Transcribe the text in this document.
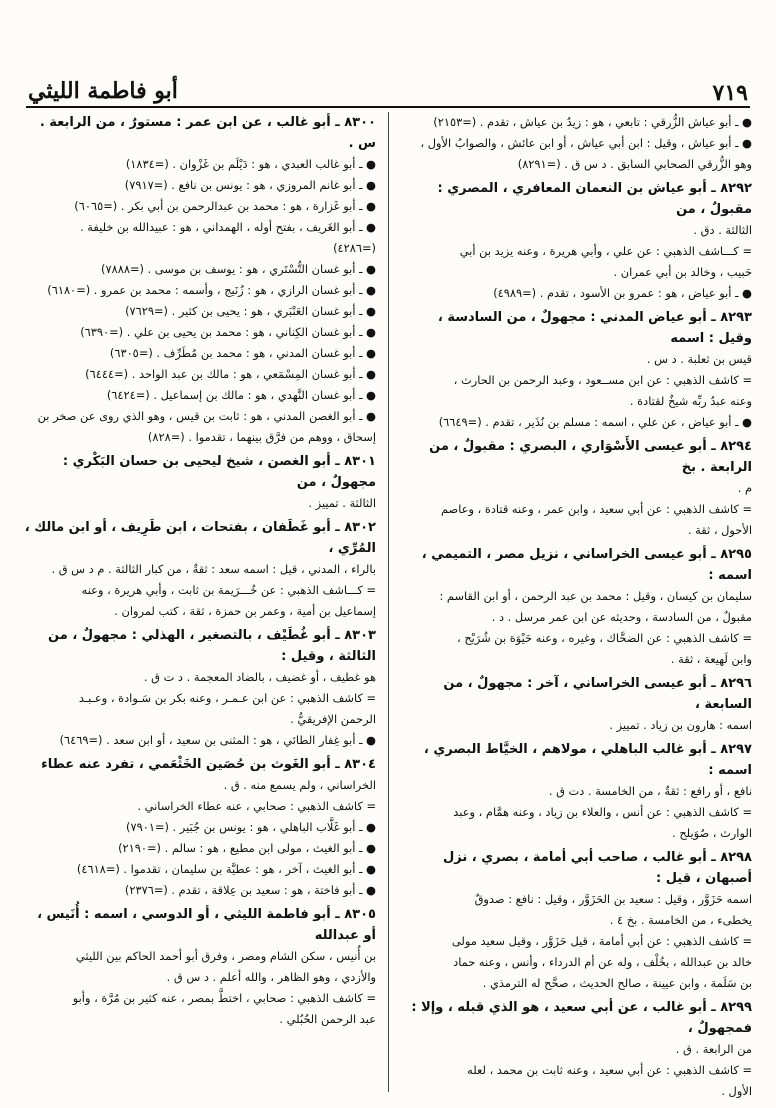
٧١٩
أبو فاطمة الليثي

● ـ أبو عياش الزُّرقي : تابعي ، هو : زيدُ بن عياش ، تقدم . (=٢١٥٣)

● ـ أبو عياش ، وقيل : ابن أبي عياش ، أو ابن عائش ، والصوابُ الأول ،

وهو الزُّرقي الصحابي السابق . د س ق . (=٨٢٩١)

٨٢٩٢ ـ أبو عياش بن النعمان المعافري ، المصري : مقبولٌ ، من

الثالثة . دق .

= كـــاشف الذهبي : عن علي ، وأبي هريرة ، وعنه يزيد بن أبي

حَبيب ، وخالد بن أبي عمران .

● ـ أبو عياض ، هو : عمرو بن الأسود ، تقدم . (=٤٩٨٩)

٨٢٩٣ ـ أبو عياض المدني : مجهولٌ ، من السادسة ، وقيل : اسمه

قيس بن ثعلبة . د س .

= كاشف الذهبي : عن ابن مســعود ، وعبد الرحمن بن الحارث ،

وعنه عبدُ ربِّه شيخٌ لقتادة .

● ـ أبو عياض ، عن علي ، اسمه : مسلم بن نُذَير ، تقدم . (=٦٦٤٩)

٨٢٩٤ ـ أبو عيسى الأَسْوَاري ، البصري : مقبولٌ ، من الرابعة . بخ

م .

= كاشف الذهبي : عن أبي سعيد ، وابن عمر ، وعنه قتادة ، وعاصم

الأحول ، ثقة .

٨٢٩٥ ـ أبو عيسى الخراساني ، نزيل مصر ، التميمي ، اسمه :

سليمان بن كيسان ، وقيل : محمد بن عبد الرحمن ، أو ابن القاسم :

مقبولٌ ، من السادسة ، وحديثه عن ابن عمر مرسل . د .

= كاشف الذهبي : عن الضحَّاك ، وغيره ، وعنه حَيْوَة بن شُرَيْح ،

وابن لَهيعة ، ثقة .

٨٢٩٦ ـ أبو عيسى الخراساني ، آخر : مجهولٌ ، من السابعة ،

اسمه : هارون بن زياد . تمييز .

٨٢٩٧ ـ أبو غالب الباهلي ، مولاهم ، الخيَّاط البصري ، اسمه :

نافع ، أو رافع : ثقةٌ ، من الخامسة . دت ق .

= كاشف الذهبي : عن أنس ، والعلاء بن زياد ، وعنه همَّام ، وعبد

الوارث ، صُوَيلح .

٨٢٩٨ ـ أبو غالب ، صاحب أبي أمامة ، بصري ، نزل أصبهان ، قيل :

اسمه حَزَوَّر ، وقيل : سعيد بن الحَزَوَّر ، وقيل : نافع : صدوقٌ

يخطىء ، من الخامسة . بخ ٤ .

= كاشف الذهبي : عن أبي أمامة ، قيل حَزَوَّر ، وقيل سعيد مولى

خالد بن عبدالله ، بخُلْف ، وله عن أم الدرداء ، وأنس ، وعنه حماد

بن سَلَمة ، وابن عيينة ، صالح الحديث ، صحَّح له الترمذي .

٨٢٩٩ ـ أبو غالب ، عن أبي سعيد ، هو الذي قبله ، وإلا : فمجهولٌ ،

من الرابعة . ق .

= كاشف الذهبي : عن أبي سعيد ، وعنه ثابت بن محمد ، لعله

الأول .

٨٣٠٠ ـ أبو غالب ، عن ابن عمر : مستورٌ ، من الرابعة . س .

● ـ أبو غالب العبدي ، هو : دَيْلَم بن غَزْوان . (=١٨٣٤)

● ـ أبو غانم المروزي ، هو : يونس بن نافع . (=٧٩١٧)

● ـ أبو غَزارة ، هو : محمد بن عبدالرحمن بن أبي بكر . (=٦٠٦٥)

● ـ أبو الغَريف ، بفتح أوله ، الهمداني ، هو : عبيدالله بن خليفة .

(=٤٢٨٦)

● ـ أبو غسان التُّسْتَري ، هو : يوسف بن موسى . (=٧٨٨٨)

● ـ أبو غسان الرازي ، هو : زُنَيج ، وأسمه : محمد بن عمرو . (=٦١٨٠)

● ـ أبو غسان العَنْبَري ، هو : يحيى بن كثير . (=٧٦٢٩)

● ـ أبو غسان الكِناني ، هو : محمد بن يحيى بن علي . (=٦٣٩٠)

● ـ أبو غسان المدني ، هو : محمد بن مُطَرِّف . (=٦٣٠٥)

● ـ أبو غسان المِسْمَعي ، هو : مالك بن عبد الواحد . (=٦٤٤٤)

● ـ أبو غسان النَّهدي ، هو : مالك بن إسماعيل . (=٦٤٢٤)

● ـ أبو الغصن المدني ، هو : ثابت بن قيس ، وهو الذي روى عن صخر بن

إسحاق ، ووهم من فرَّق بينهما ، تقدموا . (=٨٢٨)

٨٣٠١ ـ أبو الغصن ، شيخ ليحيى بن حسان البَكْري : مجهولٌ ، من

الثالثة . تمييز .

٨٣٠٢ ـ أبو غَطَفان ، بفتحات ، ابن طَرِيف ، أو ابن مالك ، المُرِّي ،

بالراء ، المدني ، قيل : اسمه سعد : ثقةٌ ، من كبار الثالثة . م د س ق .

= كـــاشف الذهبي : عن خُـــرَيمة بن ثابت ، وأبي هريرة ، وعنه

إسماعيل بن أمية ، وعمر بن حمزة ، ثقة ، كتب لمروان .

٨٣٠٣ ـ أبو غُطَيْف ، بالتصغير ، الهذلي : مجهولٌ ، من الثالثة ، وقيل :

هو غطيف ، أو غضيف ، بالضاد المعجمة . د ت ق .

= كاشف الذهبي : عن ابن عـمـر ، وعنه بكر بن سَـوادة ، وعـبـد

الرحمن الإفريقيُّ .

● ـ أبو غِفار الطائي ، هو : المثنى بن سعيد ، أو ابن سعد . (=٦٤٦٩)

٨٣٠٤ ـ أبو الغَوث بن حُصَين الخَثْعَمي ، تفرد عنه عطاء

الخراساني ، ولم يسمع منه . ق .

= كاشف الذهبي : صحابي ، عنه عطاء الخراساني .

● ـ أبو غَلَّاب الباهلي ، هو : يونس بن جُبَير . (=٧٩٠١)

● ـ أبو الغيث ، مولى ابن مطيع ، هو : سالم . (=٢١٩٠)

● ـ أبو الغيث ، آخر ، هو : عطيَّة بن سليمان ، تقدموا . (=٤٦١٨)

● ـ أبو فاختة ، هو : سعيد بن عِلاقة ، تقدم . (=٢٣٧٦)

٨٣٠٥ ـ أبو فاطمة الليثي ، أو الدوسي ، اسمه : أُنَيس ، أو عبدالله

بن أُنيس ، سكن الشام ومصر ، وفرق أبو أحمد الحاكم بين الليثي

والأزدي ، وهو الظاهر ، والله أعلم . د س ق .

= كاشف الذهبي : صحابي ، اختطَّ بمصر ، عنه كثير بن مُرَّة ، وأبو

عبد الرحمن الحُبُلي .
